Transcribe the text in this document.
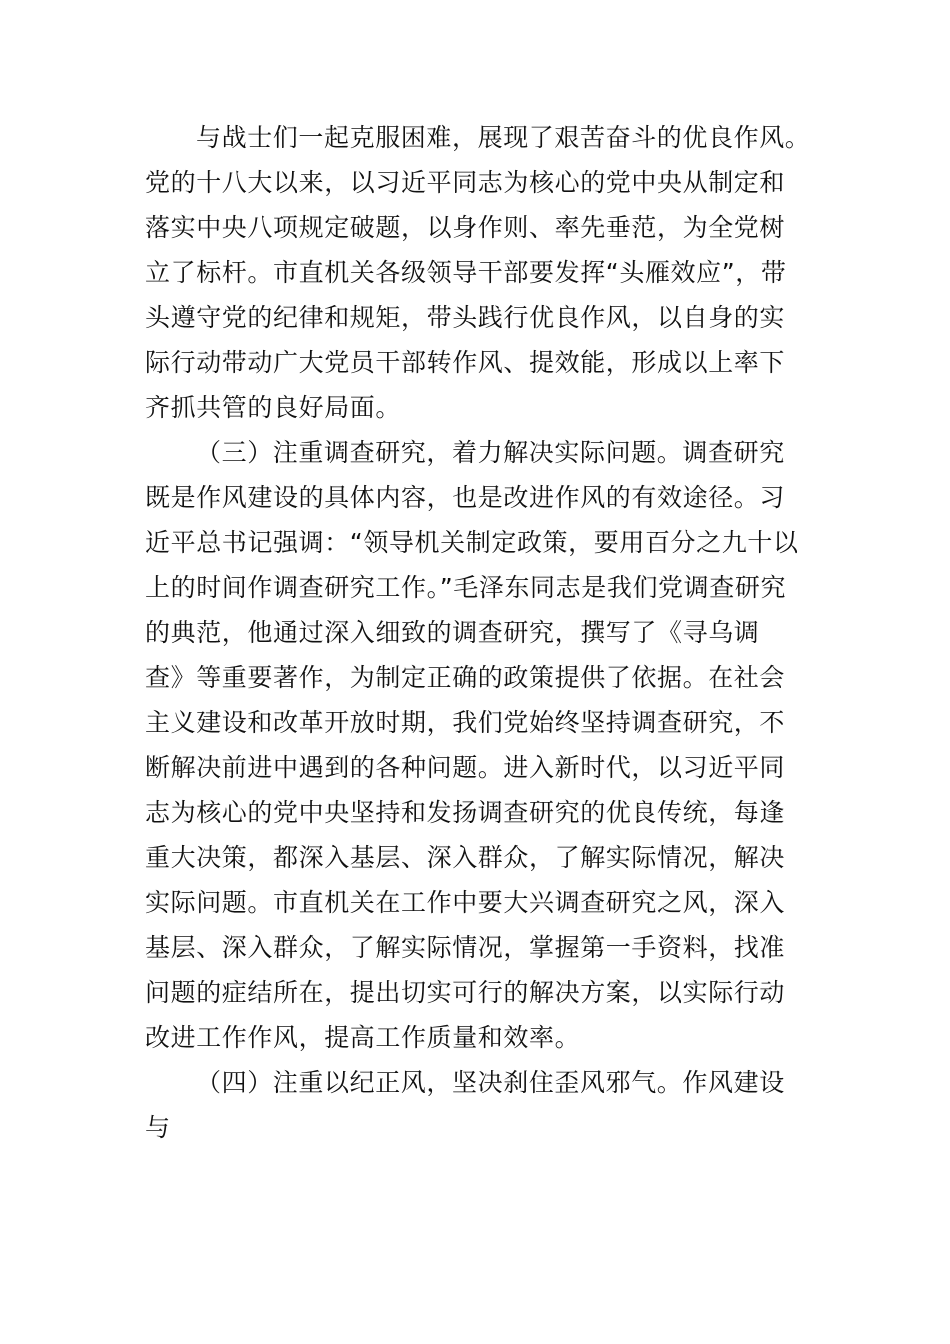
与战士们一起克服困难，展现了艰苦奋斗的优良作风。
党的十八大以来，以习近平同志为核心的党中央从制定和
落实中央八项规定破题，以身作则、率先垂范，为全党树
立了标杆。市直机关各级领导干部要发挥“头雁效应”，带
头遵守党的纪律和规矩，带头践行优良作风，以自身的实
际行动带动广大党员干部转作风、提效能，形成以上率下
齐抓共管的良好局面。
（三）注重调查研究，着力解决实际问题。调查研究
既是作风建设的具体内容，也是改进作风的有效途径。习
近平总书记强调：“领导机关制定政策，要用百分之九十以
上的时间作调查研究工作。”毛泽东同志是我们党调查研究
的典范，他通过深入细致的调查研究，撰写了《寻乌调
查》等重要著作，为制定正确的政策提供了依据。在社会
主义建设和改革开放时期，我们党始终坚持调查研究，不
断解决前进中遇到的各种问题。进入新时代，以习近平同
志为核心的党中央坚持和发扬调查研究的优良传统，每逢
重大决策，都深入基层、深入群众，了解实际情况，解决
实际问题。市直机关在工作中要大兴调查研究之风，深入
基层、深入群众，了解实际情况，掌握第一手资料，找准
问题的症结所在，提出切实可行的解决方案，以实际行动
改进工作作风，提高工作质量和效率。
（四）注重以纪正风，坚决刹住歪风邪气。作风建设
与
